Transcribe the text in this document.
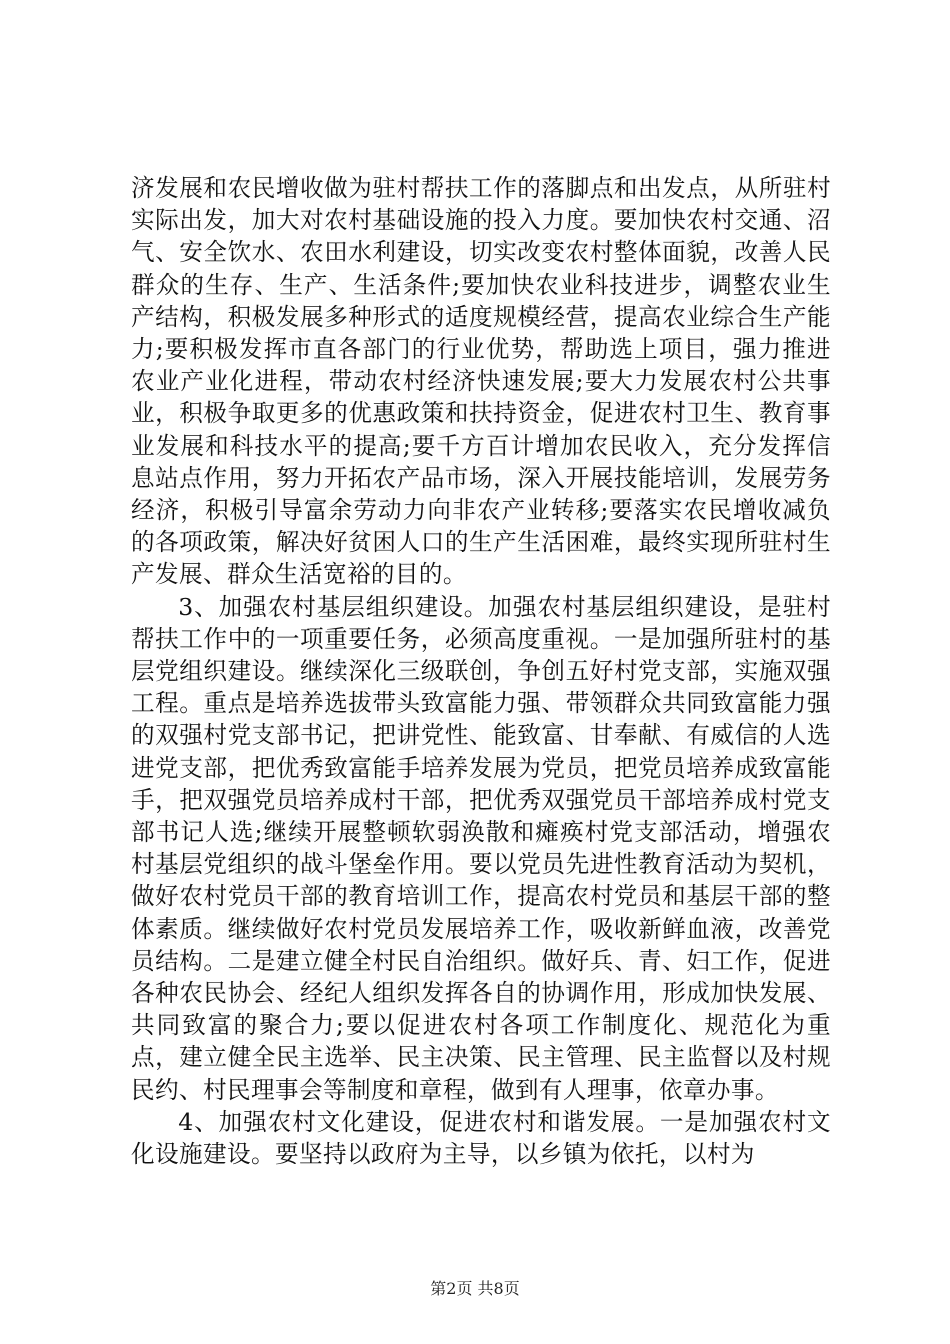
济发展和农民增收做为驻村帮扶工作的落脚点和出发点，从所驻村实际出发，加大对农村基础设施的投入力度。要加快农村交通、沼气、安全饮水、农田水利建设，切实改变农村整体面貌，改善人民群众的生存、生产、生活条件;要加快农业科技进步，调整农业生产结构，积极发展多种形式的适度规模经营，提高农业综合生产能力;要积极发挥市直各部门的行业优势，帮助选上项目，强力推进农业产业化进程，带动农村经济快速发展;要大力发展农村公共事业，积极争取更多的优惠政策和扶持资金，促进农村卫生、教育事业发展和科技水平的提高;要千方百计增加农民收入，充分发挥信息站点作用，努力开拓农产品市场，深入开展技能培训，发展劳务经济，积极引导富余劳动力向非农产业转移;要落实农民增收减负的各项政策，解决好贫困人口的生产生活困难，最终实现所驻村生产发展、群众生活宽裕的目的。

3、加强农村基层组织建设。加强农村基层组织建设，是驻村帮扶工作中的一项重要任务，必须高度重视。一是加强所驻村的基层党组织建设。继续深化三级联创，争创五好村党支部，实施双强工程。重点是培养选拔带头致富能力强、带领群众共同致富能力强的双强村党支部书记，把讲党性、能致富、甘奉献、有威信的人选进党支部，把优秀致富能手培养发展为党员，把党员培养成致富能手，把双强党员培养成村干部，把优秀双强党员干部培养成村党支部书记人选;继续开展整顿软弱涣散和瘫痪村党支部活动，增强农村基层党组织的战斗堡垒作用。要以党员先进性教育活动为契机，做好农村党员干部的教育培训工作，提高农村党员和基层干部的整体素质。继续做好农村党员发展培养工作，吸收新鲜血液，改善党员结构。二是建立健全村民自治组织。做好兵、青、妇工作，促进各种农民协会、经纪人组织发挥各自的协调作用，形成加快发展、共同致富的聚合力;要以促进农村各项工作制度化、规范化为重点，建立健全民主选举、民主决策、民主管理、民主监督以及村规民约、村民理事会等制度和章程，做到有人理事，依章办事。

4、加强农村文化建设，促进农村和谐发展。一是加强农村文化设施建设。要坚持以政府为主导，以乡镇为依托，以村为

第2页 共8页
